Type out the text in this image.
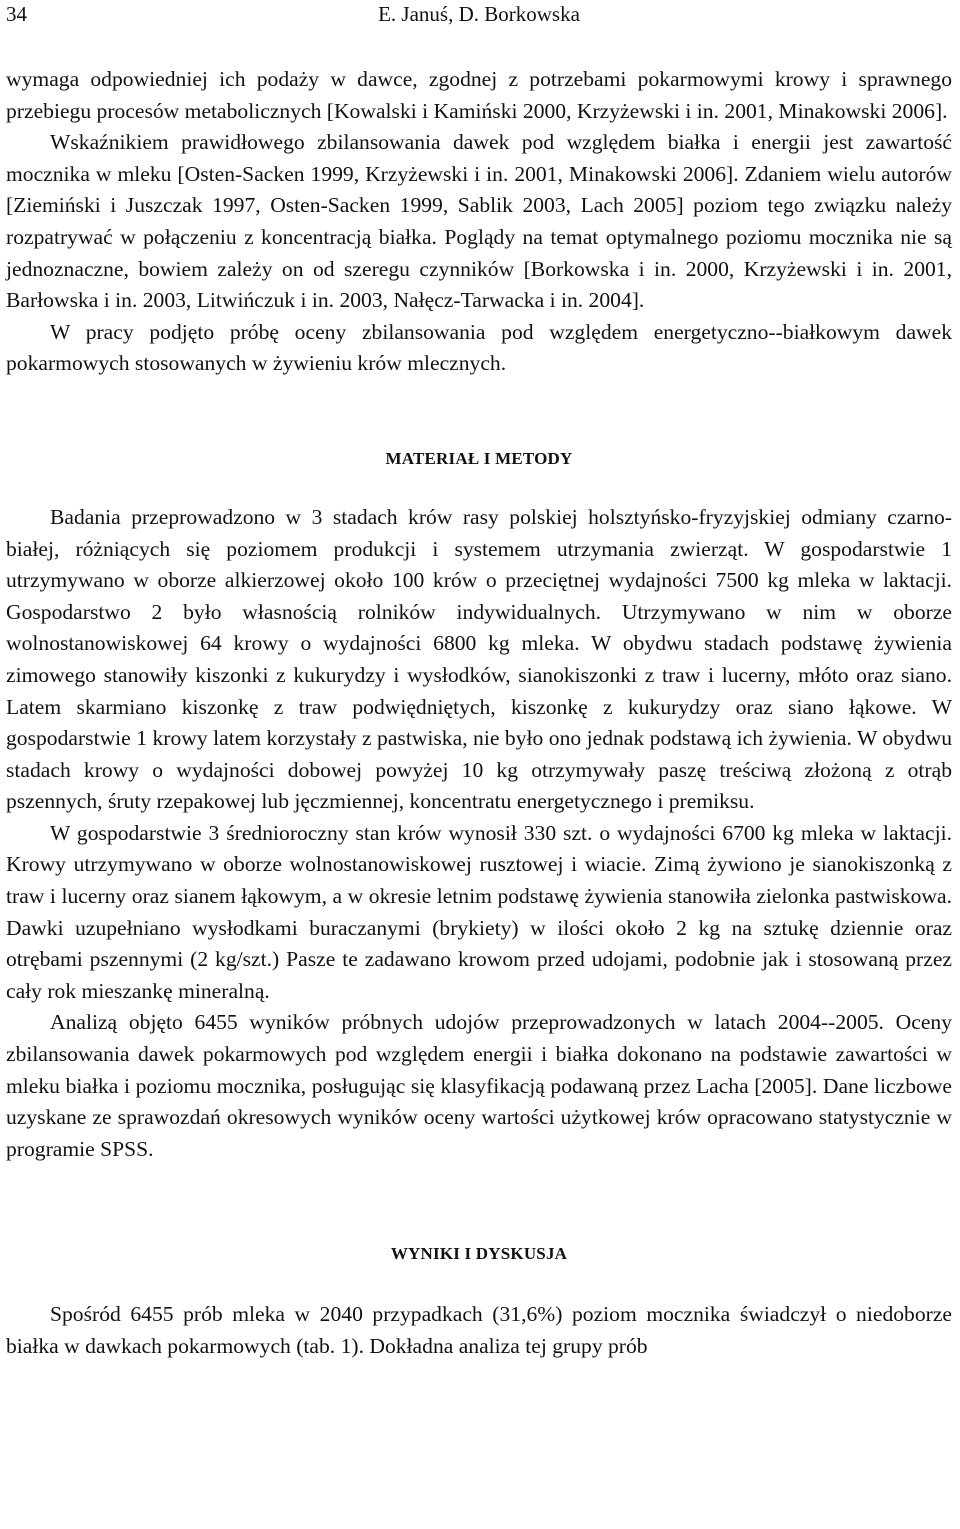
34	E. Januś, D. Borkowska

wymaga odpowiedniej ich podaży w dawce, zgodnej z potrzebami pokarmowymi krowy i sprawnego przebiegu procesów metabolicznych [Kowalski i Kamiński 2000, Krzyżewski i in. 2001, Minakowski 2006].

Wskaźnikiem prawidłowego zbilansowania dawek pod względem białka i energii jest zawartość mocznika w mleku [Osten-Sacken 1999, Krzyżewski i in. 2001, Minakowski 2006]. Zdaniem wielu autorów [Ziemiński i Juszczak 1997, Osten-Sacken 1999, Sablik 2003, Lach 2005] poziom tego związku należy rozpatrywać w połączeniu z koncentracją białka. Poglądy na temat optymalnego poziomu mocznika nie są jednoznaczne, bowiem zależy on od szeregu czynników [Borkowska i in. 2000, Krzyżewski i in. 2001, Barłowska i in. 2003, Litwińczuk i in. 2003, Nałęcz-Tarwacka i in. 2004].

W pracy podjęto próbę oceny zbilansowania pod względem energetyczno--białkowym dawek pokarmowych stosowanych w żywieniu krów mlecznych.

MATERIAŁ I METODY

Badania przeprowadzono w 3 stadach krów rasy polskiej holsztyńsko-fryzyjskiej odmiany czarno-białej, różniących się poziomem produkcji i systemem utrzymania zwierząt. W gospodarstwie 1 utrzymywano w oborze alkierzowej około 100 krów o przeciętnej wydajności 7500 kg mleka w laktacji. Gospodarstwo 2 było własnością rolników indywidualnych. Utrzymywano w nim w oborze wolnostanowiskowej 64 krowy o wydajności 6800 kg mleka. W obydwu stadach podstawę żywienia zimowego stanowiły kiszonki z kukurydzy i wysłodków, sianokiszonki z traw i lucerny, młóto oraz siano. Latem skarmiano kiszonkę z traw podwiędniętych, kiszonkę z kukurydzy oraz siano łąkowe. W gospodarstwie 1 krowy latem korzystały z pastwiska, nie było ono jednak podstawą ich żywienia. W obydwu stadach krowy o wydajności dobowej powyżej 10 kg otrzymywały paszę treściwą złożoną z otrąb pszennych, śruty rzepakowej lub jęczmiennej, koncentratu energetycznego i premiksu.

W gospodarstwie 3 średnioroczny stan krów wynosił 330 szt. o wydajności 6700 kg mleka w laktacji. Krowy utrzymywano w oborze wolnostanowiskowej rusztowej i wiacie. Zimą żywiono je sianokiszonką z traw i lucerny oraz sianem łąkowym, a w okresie letnim podstawę żywienia stanowiła zielonka pastwiskowa. Dawki uzupełniano wysłodkami buraczanymi (brykiety) w ilości około 2 kg na sztukę dziennie oraz otrębami pszennymi (2 kg/szt.) Pasze te zadawano krowom przed udojami, podobnie jak i stosowaną przez cały rok mieszankę mineralną.

Analizą objęto 6455 wyników próbnych udojów przeprowadzonych w latach 2004--2005. Oceny zbilansowania dawek pokarmowych pod względem energii i białka dokonano na podstawie zawartości w mleku białka i poziomu mocznika, posługując się klasyfikacją podawaną przez Lacha [2005]. Dane liczbowe uzyskane ze sprawozdań okresowych wyników oceny wartości użytkowej krów opracowano statystycznie w programie SPSS.

WYNIKI I DYSKUSJA

Spośród 6455 prób mleka w 2040 przypadkach (31,6%) poziom mocznika świadczył o niedoborze białka w dawkach pokarmowych (tab. 1). Dokładna analiza tej grupy prób
